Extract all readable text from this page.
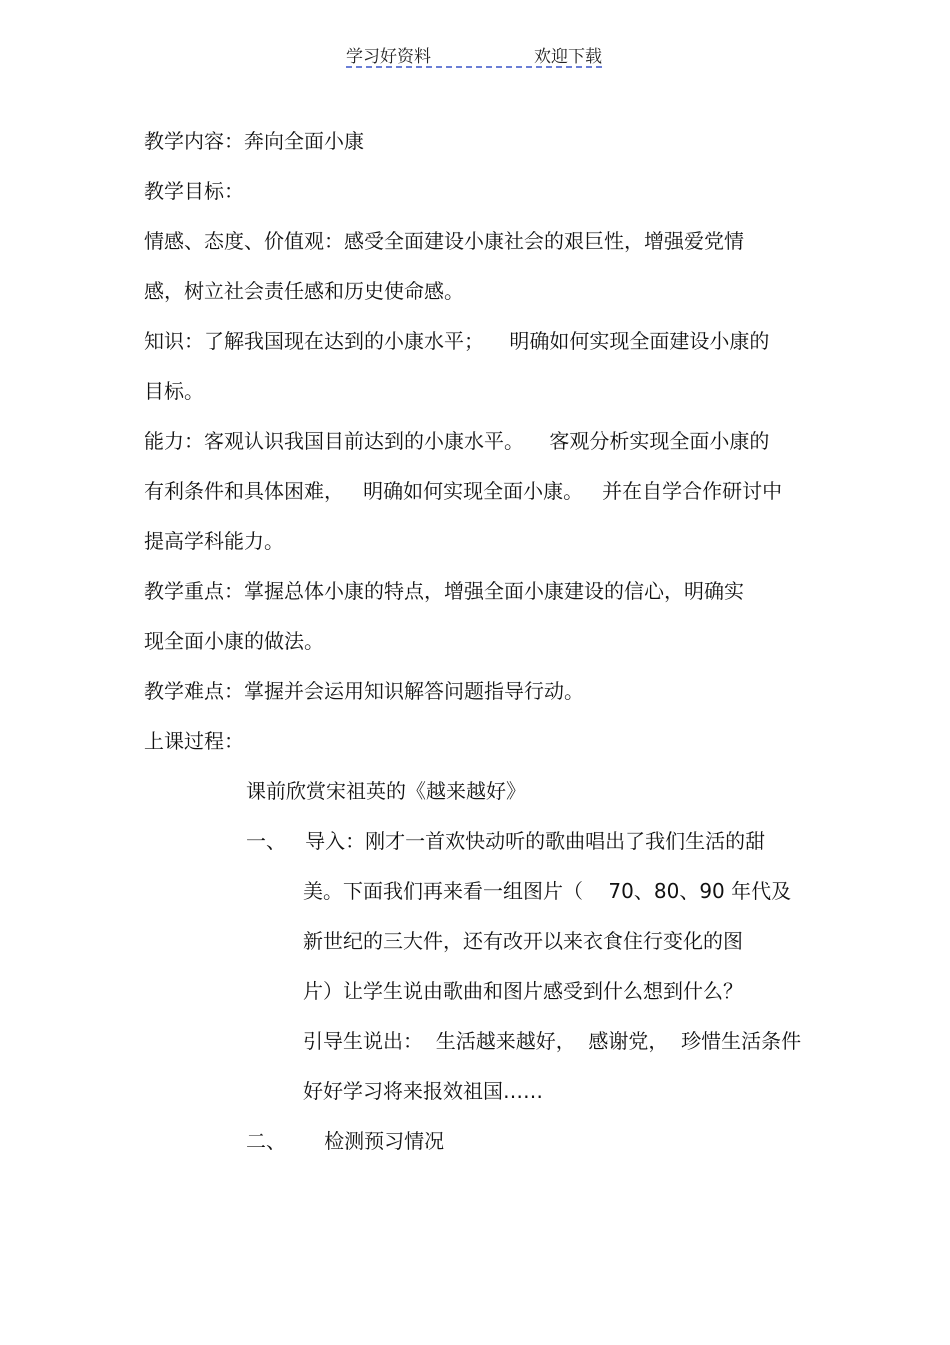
学习好资料	欢迎下载
教学内容：奔向全面小康
教学目标：
情感、态度、价值观：感受全面建设小康社会的艰巨性，增强爱党情
感，树立社会责任感和历史使命感。
知识：了解我国现在达到的小康水平；    明确如何实现全面建设小康的
目标。
能力：客观认识我国目前达到的小康水平。    客观分析实现全面小康的
有利条件和具体困难，   明确如何实现全面小康。   并在自学合作研讨中
提高学科能力。
教学重点：掌握总体小康的特点，增强全面小康建设的信心，明确实
现全面小康的做法。
教学难点：掌握并会运用知识解答问题指导行动。
上课过程：
课前欣赏宋祖英的《越来越好》
一、   导入：刚才一首欢快动听的歌曲唱出了我们生活的甜
美。下面我们再来看一组图片（    70、80、90 年代及
新世纪的三大件，还有改开以来衣食住行变化的图
片）让学生说由歌曲和图片感受到什么想到什么？
引导生说出：  生活越来越好，  感谢党，  珍惜生活条件
好好学习将来报效祖国……
二、      检测预习情况
